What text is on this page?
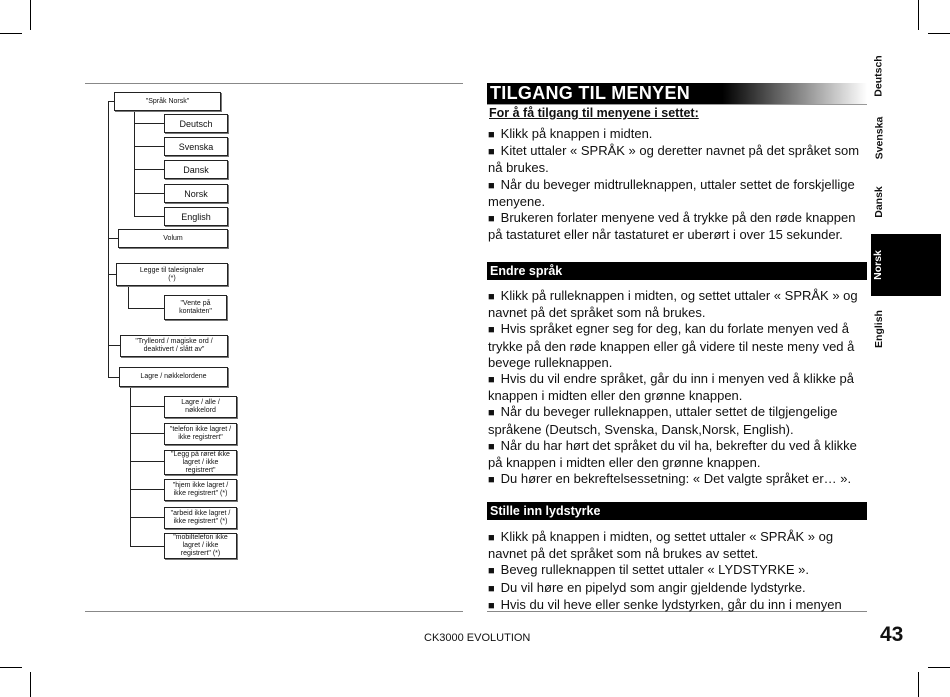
"Språk Norsk"
Deutsch
Svenska
Dansk
Norsk
English
Volum
Legge til talesignaler (*)
"Vente på kontakten"
"Trylleord / magiske ord / deaktivert / slått av"
Lagre / nøkkelordene
Lagre / alle / nøkkelord
"telefon ikke lagret / ikke registrert"
"Legg på røret ikke lagret / ikke registrert"
"hjem ikke lagret / ikke registrert" (*)
"arbeid ikke lagret / ikke registrert" (*)
"mobiltelefon ikke lagret / ikke registrert" (*)
TILGANG TIL MENYEN
For å få tilgang til menyene i settet:

■ Klikk på knappen i midten.

■ Kitet uttaler « SPRÅK » og deretter navnet på det språket som nå brukes.

■ Når du beveger midtrulleknappen, uttaler settet de forskjellige menyene.

■ Brukeren forlater menyene ved å trykke på den røde knappen på tastaturet eller når tastaturet er uberørt i over 15 sekunder.

Endre språk

■ Klikk på rulleknappen i midten, og settet uttaler « SPRÅK » og navnet på det språket som nå brukes.

■ Hvis språket egner seg for deg, kan du forlate menyen ved å trykke på den røde knappen eller gå videre til neste meny ved å bevege rulleknappen.

■ Hvis du vil endre språket, går du inn i menyen ved å klikke på knappen i midten eller den grønne knappen.

■ Når du beveger rulleknappen, uttaler settet de tilgjengelige språkene (Deutsch, Svenska, Dansk,Norsk, English).

■ Når du har hørt det språket du vil ha, bekrefter du ved å klikke på knappen i midten eller den grønne knappen.

■ Du hører en bekreftelsessetning: « Det valgte språket er… ».

Stille inn lydstyrke

■ Klikk på knappen i midten, og settet uttaler « SPRÅK » og navnet på det språket som nå brukes av settet.

■ Beveg rulleknappen til settet uttaler « LYDSTYRKE ».

■ Du vil høre en pipelyd som angir gjeldende lydstyrke.

■ Hvis du vil heve eller senke lydstyrken, går du inn i menyen

Deutsch
Svenska
Dansk
Norsk
English
CK3000 EVOLUTION	43
